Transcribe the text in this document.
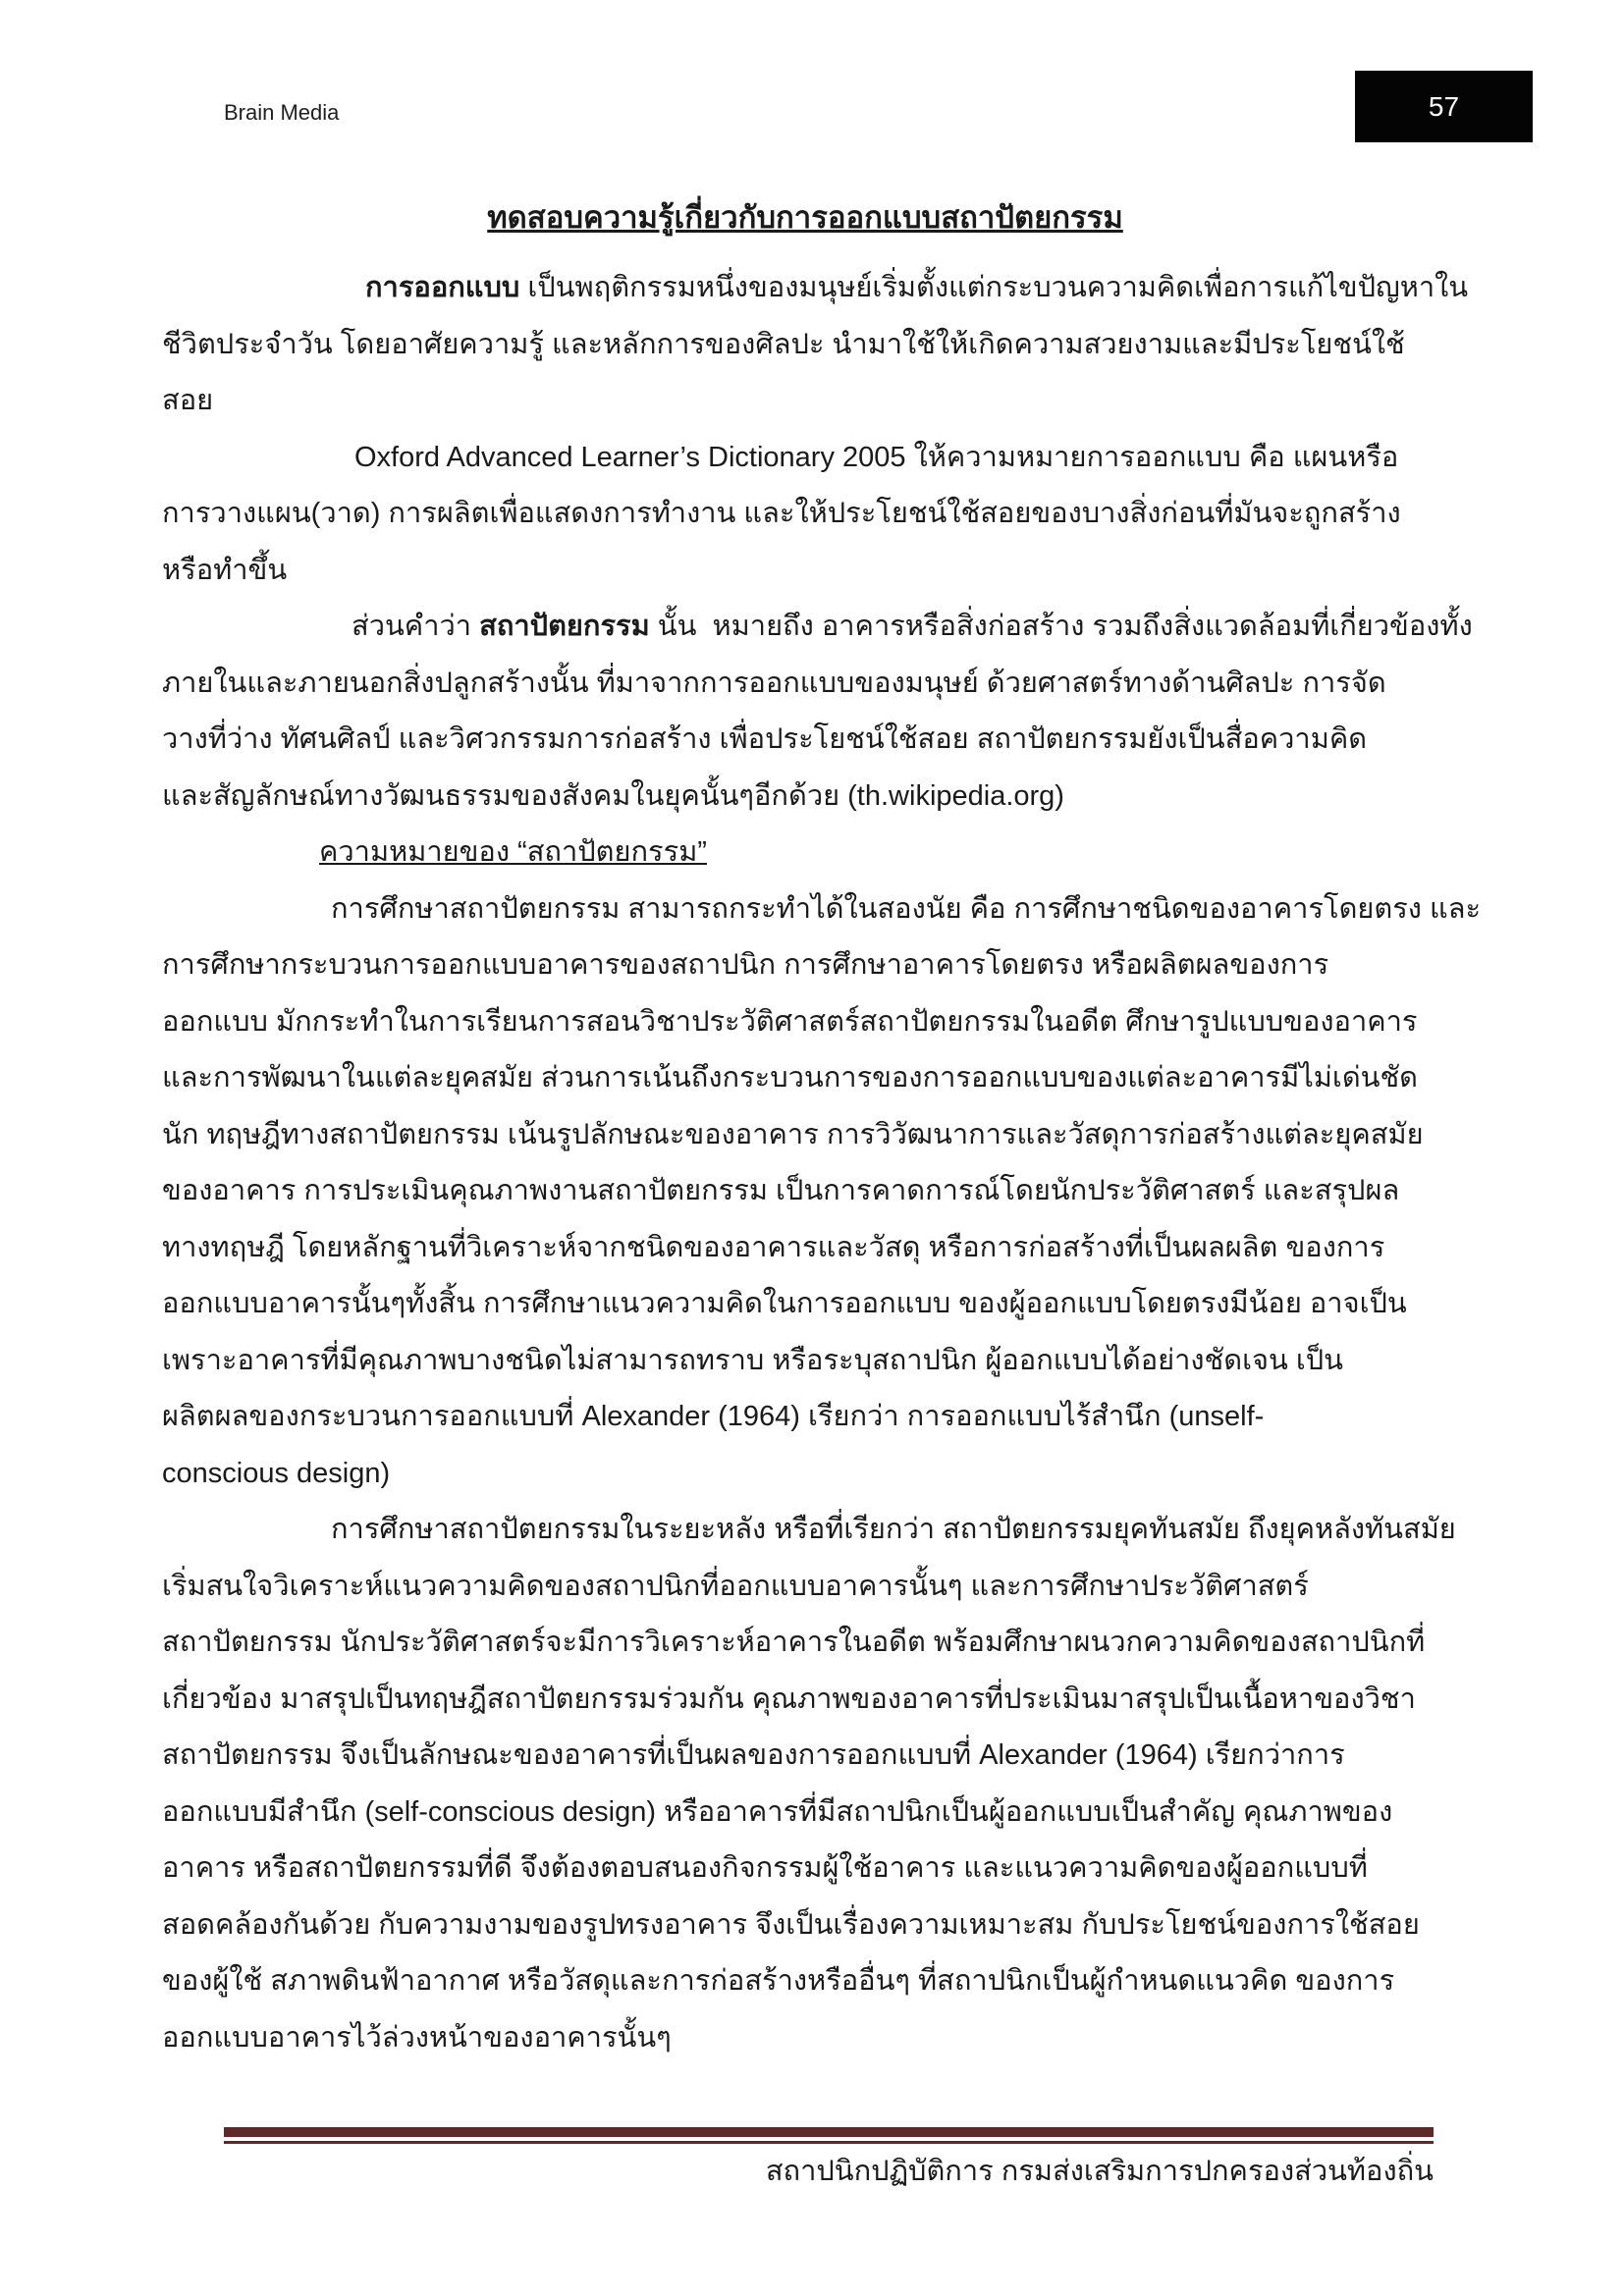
Brain Media	57
ทดสอบความรู้เกี่ยวกับการออกแบบสถาปัตยกรรม
การออกแบบ เป็นพฤติกรรมหนึ่งของมนุษย์เริ่มตั้งแต่กระบวนความคิดเพื่อการแก้ไขปัญหาใน
ชีวิตประจำวัน โดยอาศัยความรู้ และหลักการของศิลปะ นำมาใช้ให้เกิดความสวยงามและมีประโยชน์ใช้
สอย
Oxford Advanced Learner’s Dictionary 2005 ให้ความหมายการออกแบบ คือ แผนหรือ
การวางแผน(วาด) การผลิตเพื่อแสดงการทำงาน และให้ประโยชน์ใช้สอยของบางสิ่งก่อนที่มันจะถูกสร้าง
หรือทำขึ้น
ส่วนคำว่า สถาปัตยกรรม นั้น  หมายถึง อาคารหรือสิ่งก่อสร้าง รวมถึงสิ่งแวดล้อมที่เกี่ยวข้องทั้ง
ภายในและภายนอกสิ่งปลูกสร้างนั้น ที่มาจากการออกแบบของมนุษย์ ด้วยศาสตร์ทางด้านศิลปะ การจัด
วางที่ว่าง ทัศนศิลป์ และวิศวกรรมการก่อสร้าง เพื่อประโยชน์ใช้สอย สถาปัตยกรรมยังเป็นสื่อความคิด
และสัญลักษณ์ทางวัฒนธรรมของสังคมในยุคนั้นๆอีกด้วย (th.wikipedia.org)
ความหมายของ “สถาปัตยกรรม”
การศึกษาสถาปัตยกรรม สามารถกระทำได้ในสองนัย คือ การศึกษาชนิดของอาคารโดยตรง และ
การศึกษากระบวนการออกแบบอาคารของสถาปนิก การศึกษาอาคารโดยตรง หรือผลิตผลของการ
ออกแบบ มักกระทำในการเรียนการสอนวิชาประวัติศาสตร์สถาปัตยกรรมในอดีต ศึกษารูปแบบของอาคาร
และการพัฒนาในแต่ละยุคสมัย ส่วนการเน้นถึงกระบวนการของการออกแบบของแต่ละอาคารมีไม่เด่นชัด
นัก ทฤษฎีทางสถาปัตยกรรม เน้นรูปลักษณะของอาคาร การวิวัฒนาการและวัสดุการก่อสร้างแต่ละยุคสมัย
ของอาคาร การประเมินคุณภาพงานสถาปัตยกรรม เป็นการคาดการณ์โดยนักประวัติศาสตร์ และสรุปผล
ทางทฤษฎี โดยหลักฐานที่วิเคราะห์จากชนิดของอาคารและวัสดุ หรือการก่อสร้างที่เป็นผลผลิต ของการ
ออกแบบอาคารนั้นๆทั้งสิ้น การศึกษาแนวความคิดในการออกแบบ ของผู้ออกแบบโดยตรงมีน้อย อาจเป็น
เพราะอาคารที่มีคุณภาพบางชนิดไม่สามารถทราบ หรือระบุสถาปนิก ผู้ออกแบบได้อย่างชัดเจน เป็น
ผลิตผลของกระบวนการออกแบบที่ Alexander (1964) เรียกว่า การออกแบบไร้สำนึก (unself-
conscious design)
การศึกษาสถาปัตยกรรมในระยะหลัง หรือที่เรียกว่า สถาปัตยกรรมยุคทันสมัย ถึงยุคหลังทันสมัย
เริ่มสนใจวิเคราะห์แนวความคิดของสถาปนิกที่ออกแบบอาคารนั้นๆ และการศึกษาประวัติศาสตร์
สถาปัตยกรรม นักประวัติศาสตร์จะมีการวิเคราะห์อาคารในอดีต พร้อมศึกษาผนวกความคิดของสถาปนิกที่
เกี่ยวข้อง มาสรุปเป็นทฤษฎีสถาปัตยกรรมร่วมกัน คุณภาพของอาคารที่ประเมินมาสรุปเป็นเนื้อหาของวิชา
สถาปัตยกรรม จึงเป็นลักษณะของอาคารที่เป็นผลของการออกแบบที่ Alexander (1964) เรียกว่าการ
ออกแบบมีสำนึก (self-conscious design) หรืออาคารที่มีสถาปนิกเป็นผู้ออกแบบเป็นสำคัญ คุณภาพของ
อาคาร หรือสถาปัตยกรรมที่ดี จึงต้องตอบสนองกิจกรรมผู้ใช้อาคาร และแนวความคิดของผู้ออกแบบที่
สอดคล้องกันด้วย กับความงามของรูปทรงอาคาร จึงเป็นเรื่องความเหมาะสม กับประโยชน์ของการใช้สอย
ของผู้ใช้ สภาพดินฟ้าอากาศ หรือวัสดุและการก่อสร้างหรืออื่นๆ ที่สถาปนิกเป็นผู้กำหนดแนวคิด ของการ
ออกแบบอาคารไว้ล่วงหน้าของอาคารนั้นๆ
สถาปนิกปฏิบัติการ กรมส่งเสริมการปกครองส่วนท้องถิ่น
